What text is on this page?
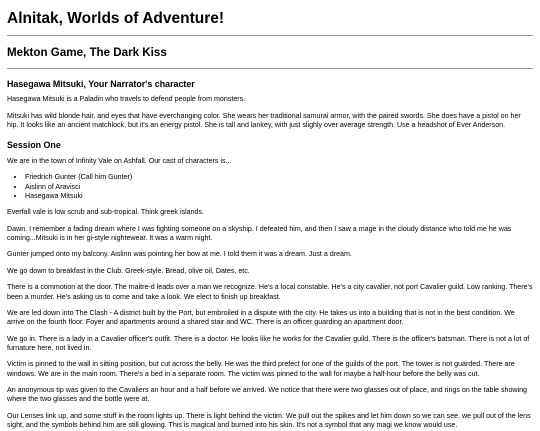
Alnitak, Worlds of Adventure!
Mekton Game, The Dark Kiss
Hasegawa Mitsuki, Your Narrator's character

Hasegawa Mitsuki is a Paladin who travels to defend people from monsters.

Mitsuki has wild blonde hair, and eyes that have everchanging color. She wears her traditional samurai armor, with the paired swords. She does have a pistol on her hip. It looks like an ancient matchlock, but it's an energy pistol. She is tall and lankey, with just slighly over average strength. Use a headshot of Ever Anderson.

Session One

We are in the town of Infinity Vale on Ashfall. Our cast of characters is...

• Friedrich Gunter (Call him Gunter)
• Aislinn of Aravisci
• Hasegawa Mitsuki

Everfall vale is low scrub and sub-tropical. Think greek islands.

Dawn. I remember a fading dream where I was fighting someone on a skyship. I defeated him, and then I saw a mage in the cloudy distance who told me he was coming...Mitsuki is in her gi-style nightewear. It was a warm night.

Gunter jumped onto my balcony. Aislinn was pointing her bow at me. I told them it was a dream. Just a dream.

We go down to breakfast in the Club. Greek-style. Bread, olive oil, Dates, etc.

There is a commotion at the door. The maitre-d leads over a man we recognize. He's a local constable. He's a city cavalier, not port Cavalier guild. Low ranking. There's been a murder. He's asking us to come and take a look. We elect to finish up breakfast.

We are led down into The Clash - A district built by the Port, but embroiled in a dispute with the city. He takes us into a building that is not in the best condition. We arrive on the fourth floor. Foyer and apartments around a shared stair and WC. There is an officer guarding an apartment door.

We go in. There is a lady in a Cavalier officer's outfit. There is a doctor. He looks like he works for the Cavalier guild. There is the officer's batsman. There is not a lot of furnature here, not lived in.

Victim is pinned to the wall in sitting position, but cut across the belly. He was the third prefect for one of the guilds of the port. The tower is not guarded. There are windows. We are in the main room. There's a bed in a separate room. The victim was pinned to the wall for maybe a half-hour before the belly was cut.

An anonymous tip was given to the Cavaliers an hour and a half before we arrived. We notice that there were two glasses out of place, and rings on the table showing where the two glasses and the bottle were at.

Our Lenses link up, and some stuff in the room lights up. There is light behind the victim. We pull out the spikes and let him down so we can see. we pull out of the lens sight, and the symbols behind him are still glowing. This is magical and burned into his skin. It's not a symbol that any magi we know would use.
